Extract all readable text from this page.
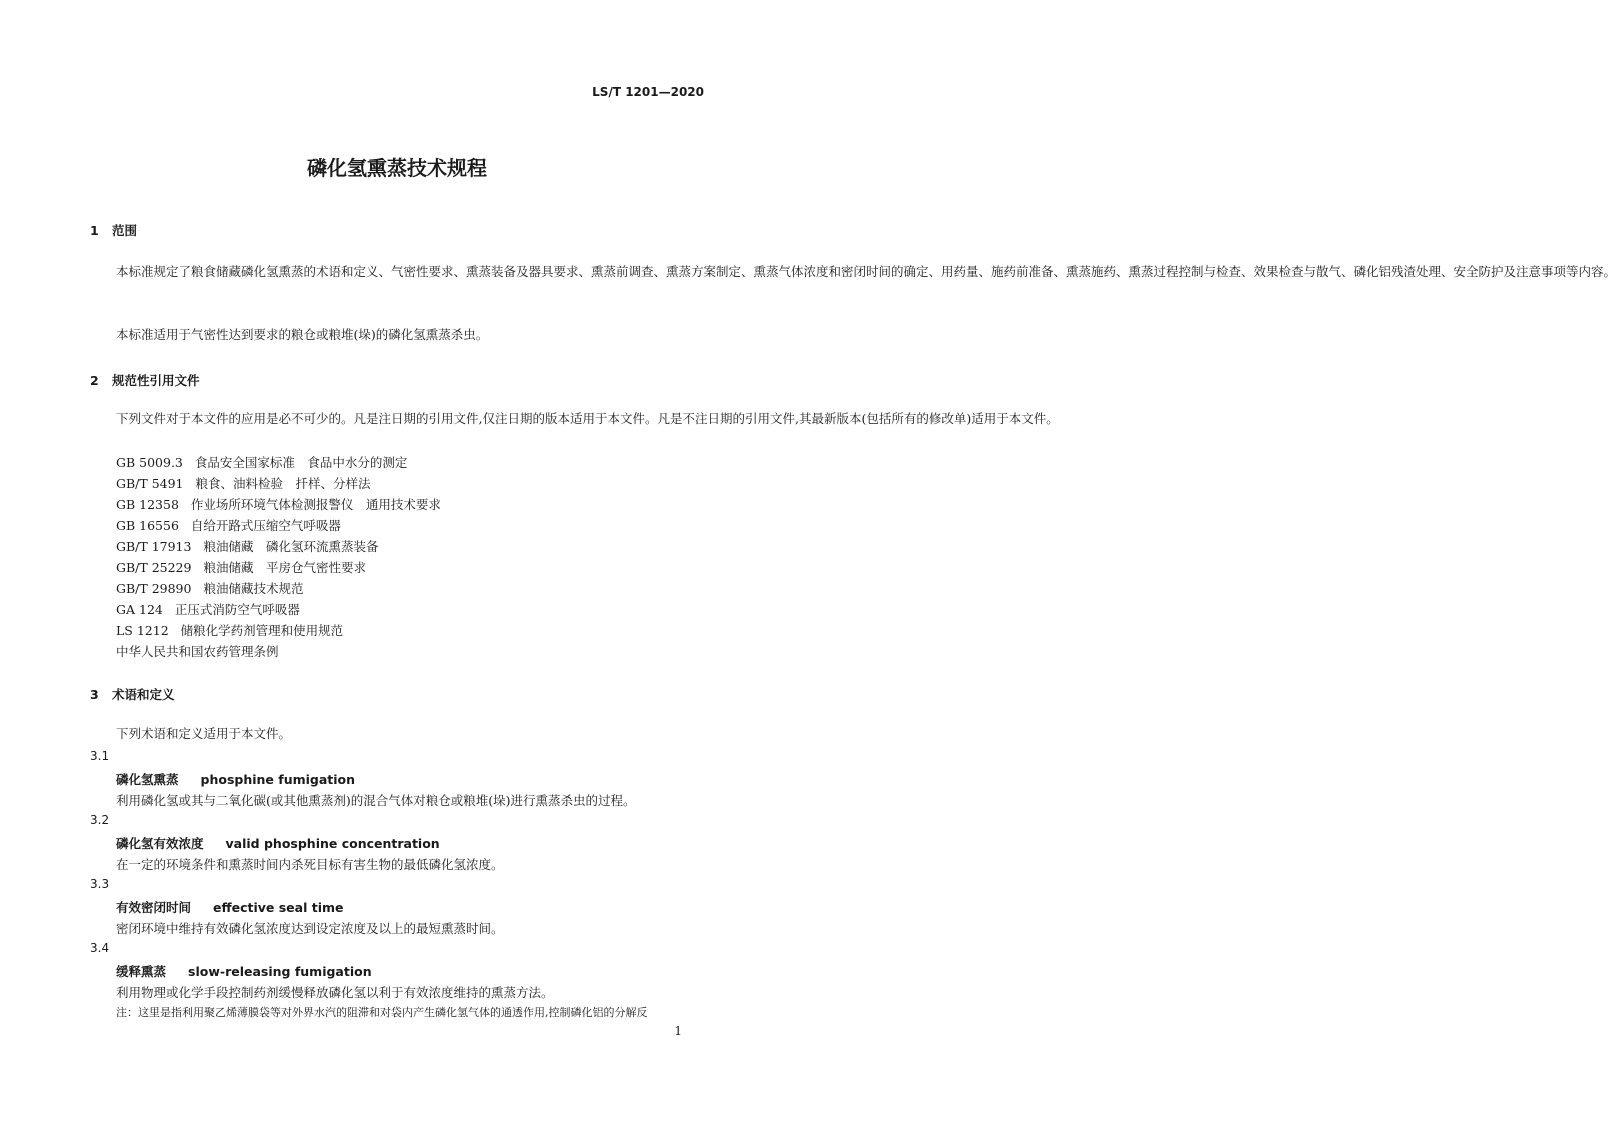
LS/T 1201—2020
磷化氢熏蒸技术规程
1 范围
本标准规定了粮食储藏磷化氢熏蒸的术语和定义、气密性要求、熏蒸装备及器具要求、熏蒸前调查、熏蒸方案制定、熏蒸气体浓度和密闭时间的确定、用药量、施药前准备、熏蒸施药、熏蒸过程控制与检查、效果检查与散气、磷化铝残渣处理、安全防护及注意事项等内容。
本标准适用于气密性达到要求的粮仓或粮堆(垛)的磷化氢熏蒸杀虫。
2 规范性引用文件
下列文件对于本文件的应用是必不可少的。凡是注日期的引用文件,仅注日期的版本适用于本文件。凡是不注日期的引用文件,其最新版本(包括所有的修改单)适用于本文件。
GB 5009.3 食品安全国家标准　食品中水分的测定
GB/T 5491 粮食、油料检验　扦样、分样法
GB 12358 作业场所环境气体检测报警仪　通用技术要求
GB 16556 自给开路式压缩空气呼吸器
GB/T 17913 粮油储藏　磷化氢环流熏蒸装备
GB/T 25229 粮油储藏　平房仓气密性要求
GB/T 29890 粮油储藏技术规范
GA 124 正压式消防空气呼吸器
LS 1212 储粮化学药剂管理和使用规范
中华人民共和国农药管理条例
3 术语和定义
下列术语和定义适用于本文件。
3.1
磷化氢熏蒸 phosphine fumigation
利用磷化氢或其与二氧化碳(或其他熏蒸剂)的混合气体对粮仓或粮堆(垛)进行熏蒸杀虫的过程。
3.2
磷化氢有效浓度 valid phosphine concentration
在一定的环境条件和熏蒸时间内杀死目标有害生物的最低磷化氢浓度。
3.3
有效密闭时间 effective seal time
密闭环境中维持有效磷化氢浓度达到设定浓度及以上的最短熏蒸时间。
3.4
缓释熏蒸 slow-releasing fumigation
利用物理或化学手段控制药剂缓慢释放磷化氢以利于有效浓度维持的熏蒸方法。
注：这里是指利用聚乙烯薄膜袋等对外界水汽的阻滞和对袋内产生磷化氢气体的通透作用,控制磷化铝的分解反
1
